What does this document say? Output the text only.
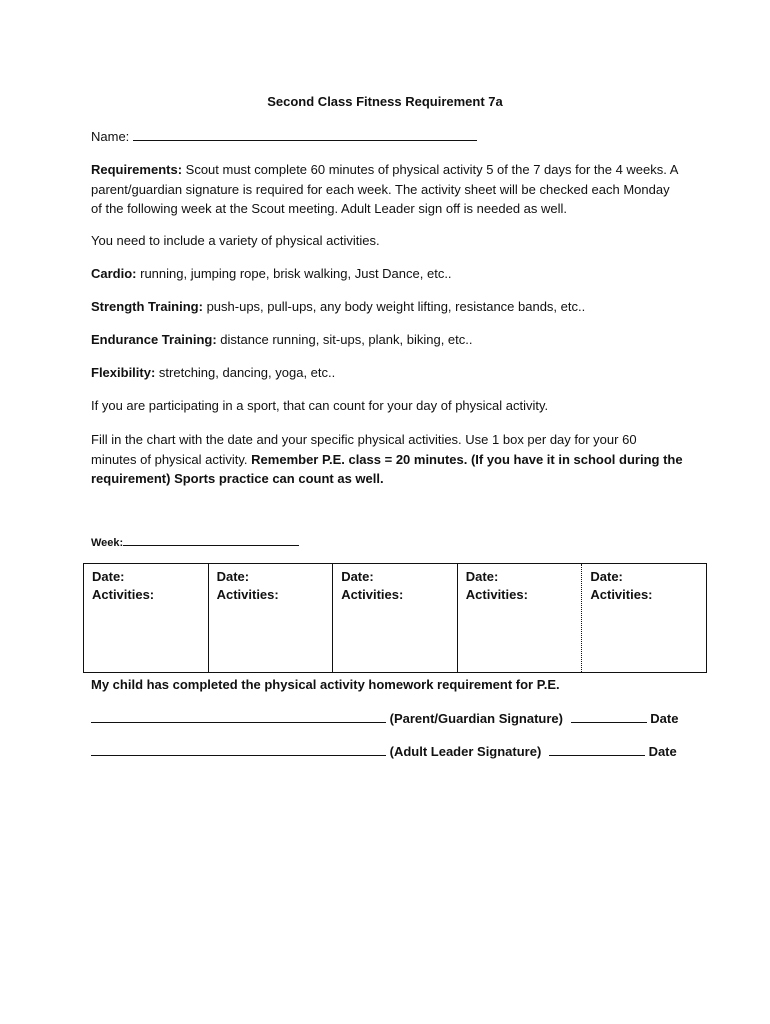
Second Class Fitness Requirement 7a
Name:
Requirements: Scout must complete 60 minutes of physical activity 5 of the 7 days for the 4 weeks. A
parent/guardian signature is required for each week. The activity sheet will be checked each Monday
of the following week at the Scout meeting. Adult Leader sign off is needed as well.
You need to include a variety of physical activities.
Cardio: running, jumping rope, brisk walking, Just Dance, etc..
Strength Training: push-ups, pull-ups, any body weight lifting, resistance bands, etc..
Endurance Training: distance running, sit-ups, plank, biking, etc..
Flexibility: stretching, dancing, yoga, etc..
If you are participating in a sport, that can count for your day of physical activity.
Fill in the chart with the date and your specific physical activities. Use 1 box per day for your 60
minutes of physical activity. Remember P.E. class = 20 minutes. (If you have it in school during the
requirement) Sports practice can count as well.
Week:
Date:
Activities:
Date:
Activities:
Date:
Activities:
Date:
Activities:
Date:
Activities:
My child has completed the physical activity homework requirement for P.E.
(Parent/Guardian Signature)	Date
(Adult Leader Signature)	Date
